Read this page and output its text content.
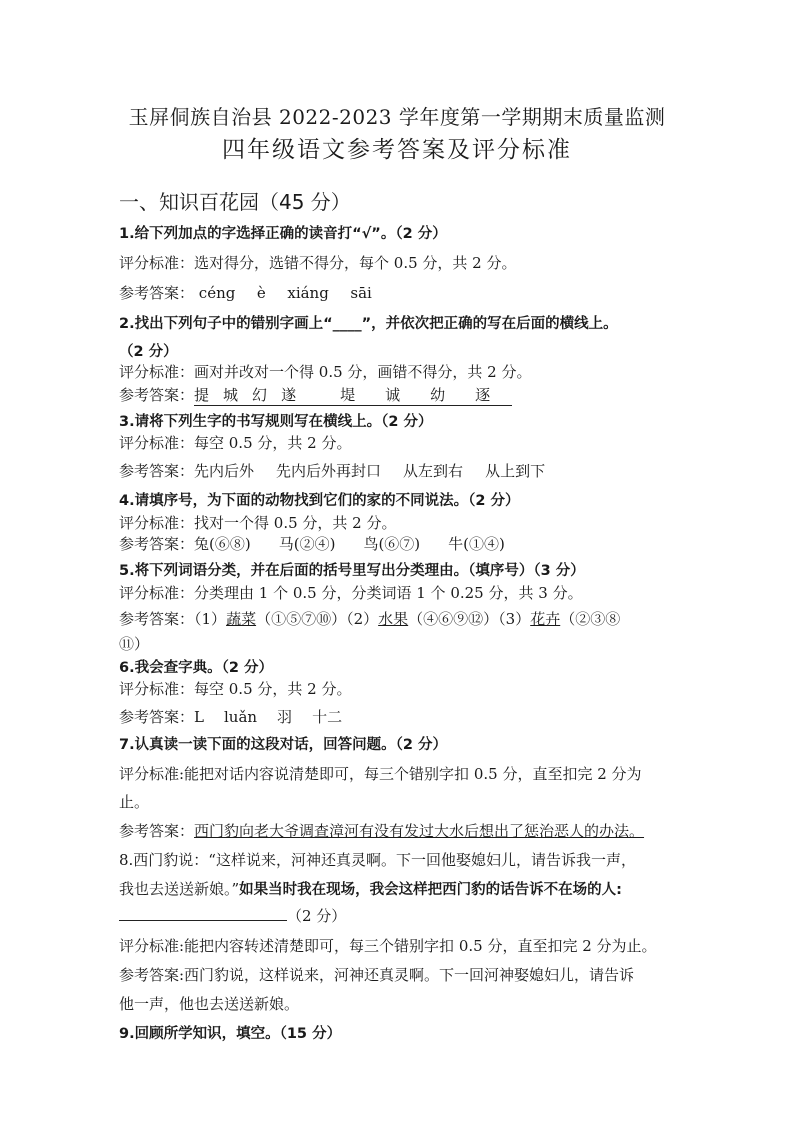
玉屏侗族自治县 2022-2023 学年度第一学期期末质量监测
四年级语文参考答案及评分标准
一、知识百花园（45 分）
1.给下列加点的字选择正确的读音打“√”。（2 分）
评分标准：选对得分，选错不得分，每个 0.5 分，共 2 分。
参考答案： céng è xiáng sāi
2.找出下列句子中的错别字画上“____”，并依次把正确的写在后面的横线上。
（2 分）
评分标准：画对并改对一个得 0.5 分，画错不得分，共 2 分。
参考答案：提 城 幻 遂	堤 诚 幼 逐
3.请将下列生字的书写规则写在横线上。（2 分）
评分标准：每空 0.5 分，共 2 分。
参考答案：先内后外 先内后外再封口 从左到右 从上到下
4.请填序号，为下面的动物找到它们的家的不同说法。（2 分）
评分标准：找对一个得 0.5 分，共 2 分。
参考答案：兔(⑥⑧) 马(②④) 鸟(⑥⑦) 牛(①④)
5.将下列词语分类，并在后面的括号里写出分类理由。（填序号）（3 分）
评分标准：分类理由 1 个 0.5 分，分类词语 1 个 0.25 分，共 3 分。
参考答案：（1）蔬菜（①⑤⑦⑩）（2）水果（④⑥⑨⑫）（3）花卉（②③⑧
⑪）
6.我会查字典。（2 分）
评分标准：每空 0.5 分，共 2 分。
参考答案：L luǎn 羽 十二
7.认真读一读下面的这段对话，回答问题。（2 分）
评分标准:能把对话内容说清楚即可，每三个错别字扣 0.5 分，直至扣完 2 分为
止。
参考答案：西门豹向老大爷调查漳河有没有发过大水后想出了惩治恶人的办法。
8.西门豹说：“这样说来，河神还真灵啊。下一回他娶媳妇儿，请告诉我一声，
我也去送送新娘。”如果当时我在现场，我会这样把西门豹的话告诉不在场的人:
（2 分）
评分标准:能把内容转述清楚即可，每三个错别字扣 0.5 分，直至扣完 2 分为止。
参考答案:西门豹说，这样说来，河神还真灵啊。下一回河神娶媳妇儿，请告诉
他一声，他也去送送新娘。
9.回顾所学知识，填空。（15 分）
